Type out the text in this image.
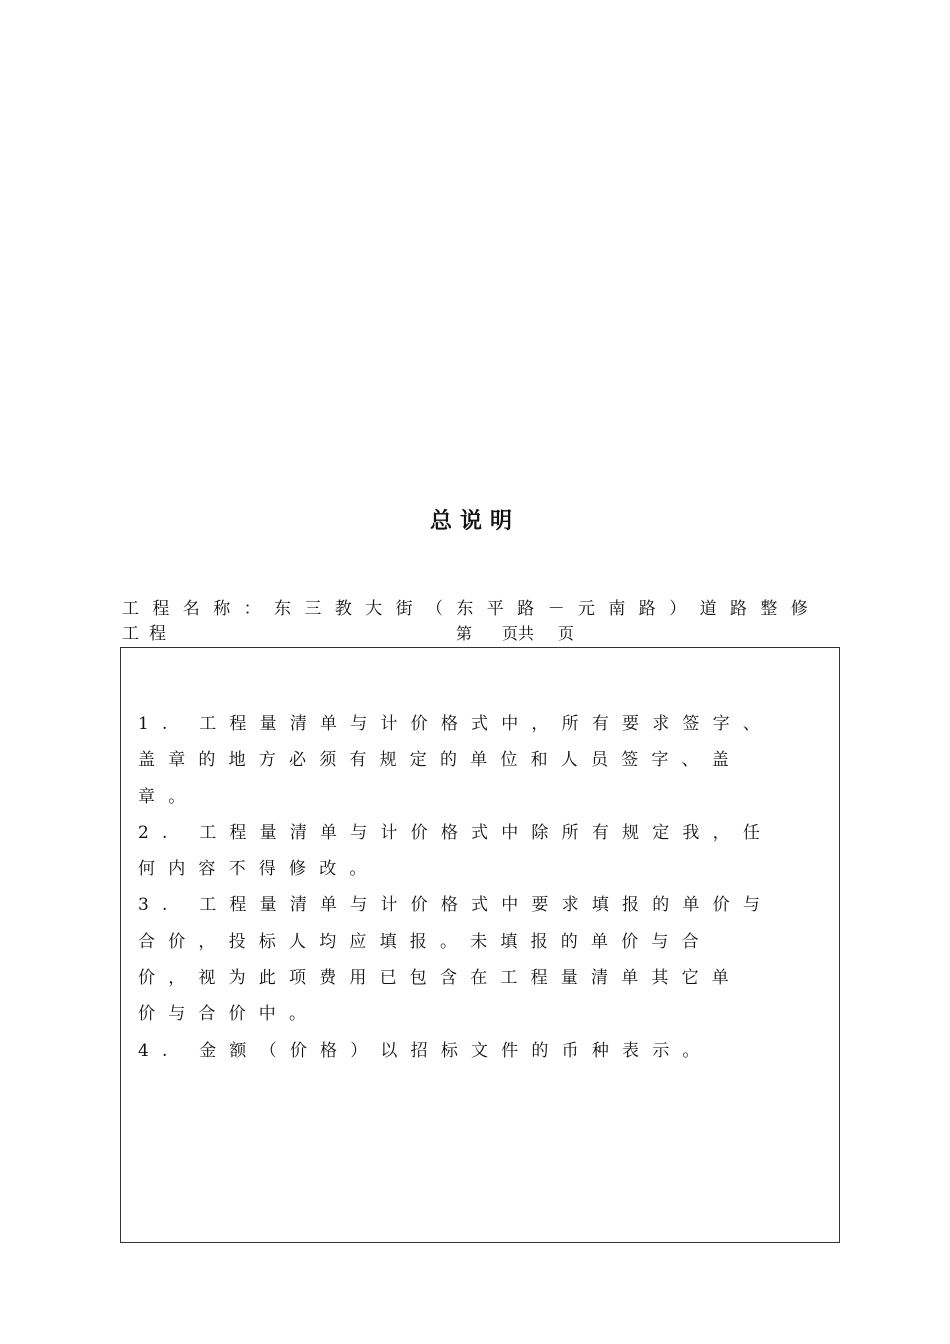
总说明
工程名称：东三教大街（东平路－元南路）道路整修
工程	第 页共 页
1. 工程量清单与计价格式中，所有要求签字、
盖章的地方必须有规定的单位和人员签字、盖
章。
2. 工程量清单与计价格式中除所有规定我，任
何内容不得修改。
3. 工程量清单与计价格式中要求填报的单价与
合价，投标人均应填报。未填报的单价与合
价，视为此项费用已包含在工程量清单其它单
价与合价中。
4. 金额（价格）以招标文件的币种表示。
